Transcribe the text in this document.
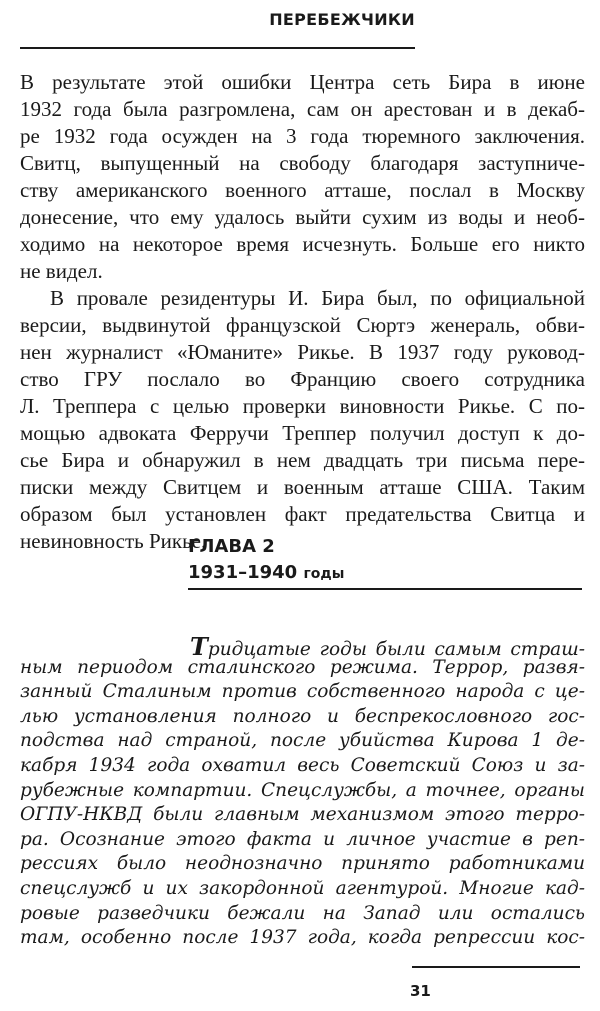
ПЕРЕБЕЖЧИКИ
В результате этой ошибки Центра сеть Бира в июне
1932 года была разгромлена, сам он арестован и в декаб-
ре 1932 года осужден на 3 года тюремного заключения.
Свитц, выпущенный на свободу благодаря заступниче-
ству американского военного атташе, послал в Москву
донесение, что ему удалось выйти сухим из воды и необ-
ходимо на некоторое время исчезнуть. Больше его никто
не видел.
В провале резидентуры И. Бира был, по официальной
версии, выдвинутой французской Сюртэ женераль, обви-
нен журналист «Юманите» Рикье. В 1937 году руковод-
ство ГРУ послало во Францию своего сотрудника
Л. Треппера с целью проверки виновности Рикье. С по-
мощью адвоката Ферручи Треппер получил доступ к до-
сье Бира и обнаружил в нем двадцать три письма пере-
писки между Свитцем и военным атташе США. Таким
образом был установлен факт предательства Свитца и
невиновность Рикье.
ГЛАВА 2
1931–1940 годы
Тридцатые годы были самым страш-
ным периодом сталинского режима. Террор, развя-
занный Сталиным против собственного народа с це-
лью установления полного и беспрекословного гос-
подства над страной, после убийства Кирова 1 де-
кабря 1934 года охватил весь Советский Союз и за-
рубежные компартии. Спецслужбы, а точнее, органы
ОГПУ-НКВД были главным механизмом этого терро-
ра. Осознание этого факта и личное участие в реп-
рессиях было неоднозначно принято работниками
спецслужб и их закордонной агентурой. Многие кад-
ровые разведчики бежали на Запад или остались
там, особенно после 1937 года, когда репрессии кос-
31
